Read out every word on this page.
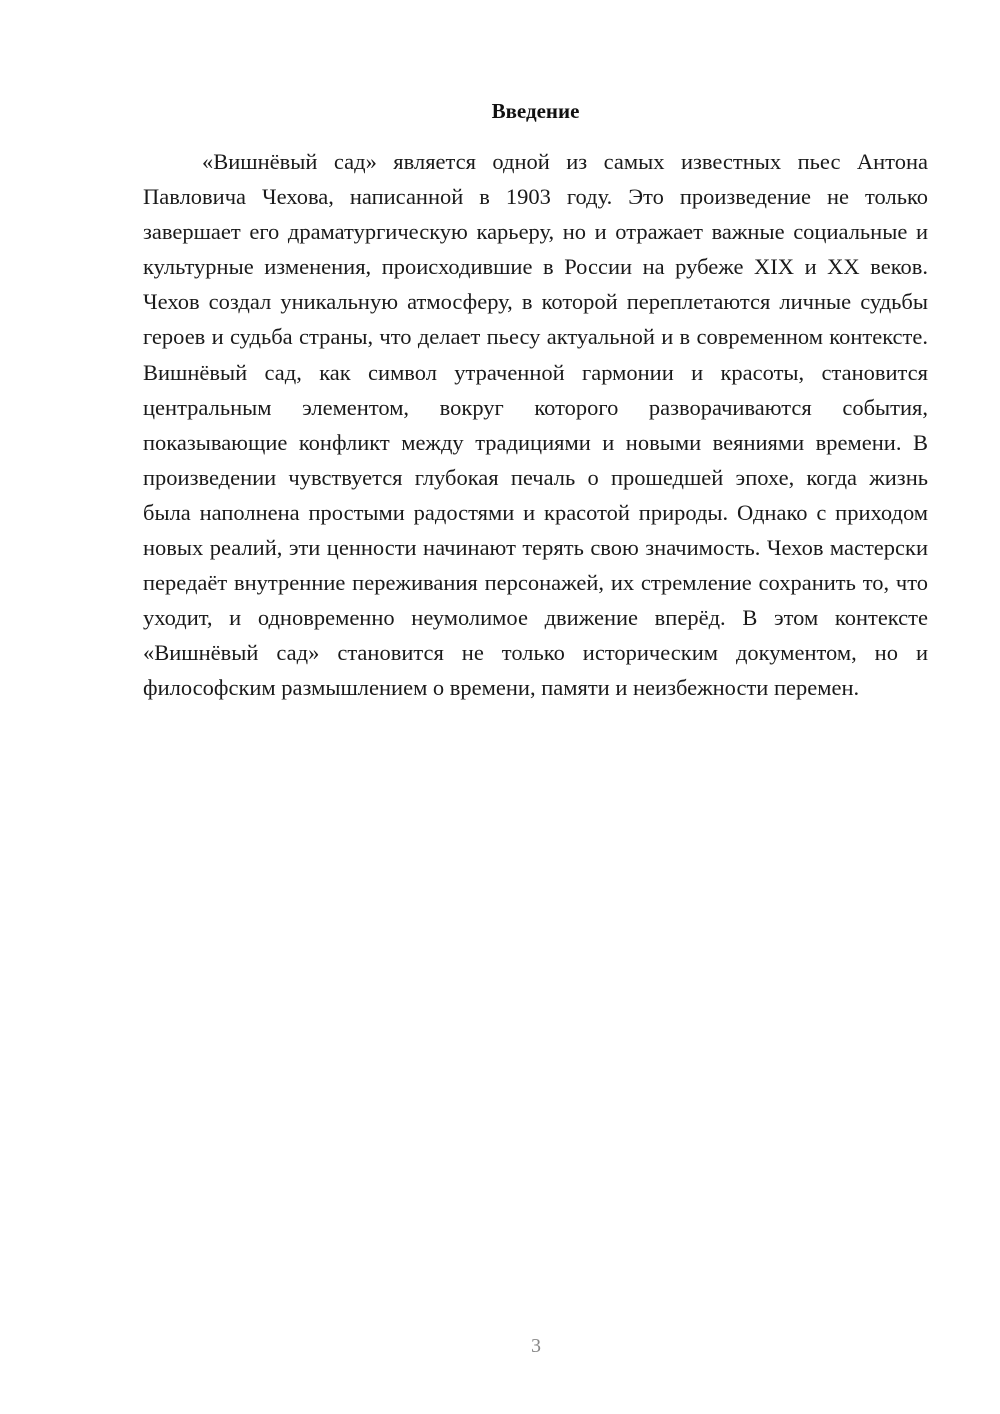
Введение

«Вишнёвый сад» является одной из самых известных пьес Антона Павловича Чехова, написанной в 1903 году. Это произведение не только завершает его драматургическую карьеру, но и отражает важные социальные и культурные изменения, происходившие в России на рубеже XIX и XX веков. Чехов создал уникальную атмосферу, в которой переплетаются личные судьбы героев и судьба страны, что делает пьесу актуальной и в современном контексте. Вишнёвый сад, как символ утраченной гармонии и красоты, становится центральным элементом, вокруг которого разворачиваются события, показывающие конфликт между традициями и новыми веяниями времени. В произведении чувствуется глубокая печаль о прошедшей эпохе, когда жизнь была наполнена простыми радостями и красотой природы. Однако с приходом новых реалий, эти ценности начинают терять свою значимость. Чехов мастерски передаёт внутренние переживания персонажей, их стремление сохранить то, что уходит, и одновременно неумолимое движение вперёд. В этом контексте «Вишнёвый сад» становится не только историческим документом, но и философским размышлением о времени, памяти и неизбежности перемен.

3
